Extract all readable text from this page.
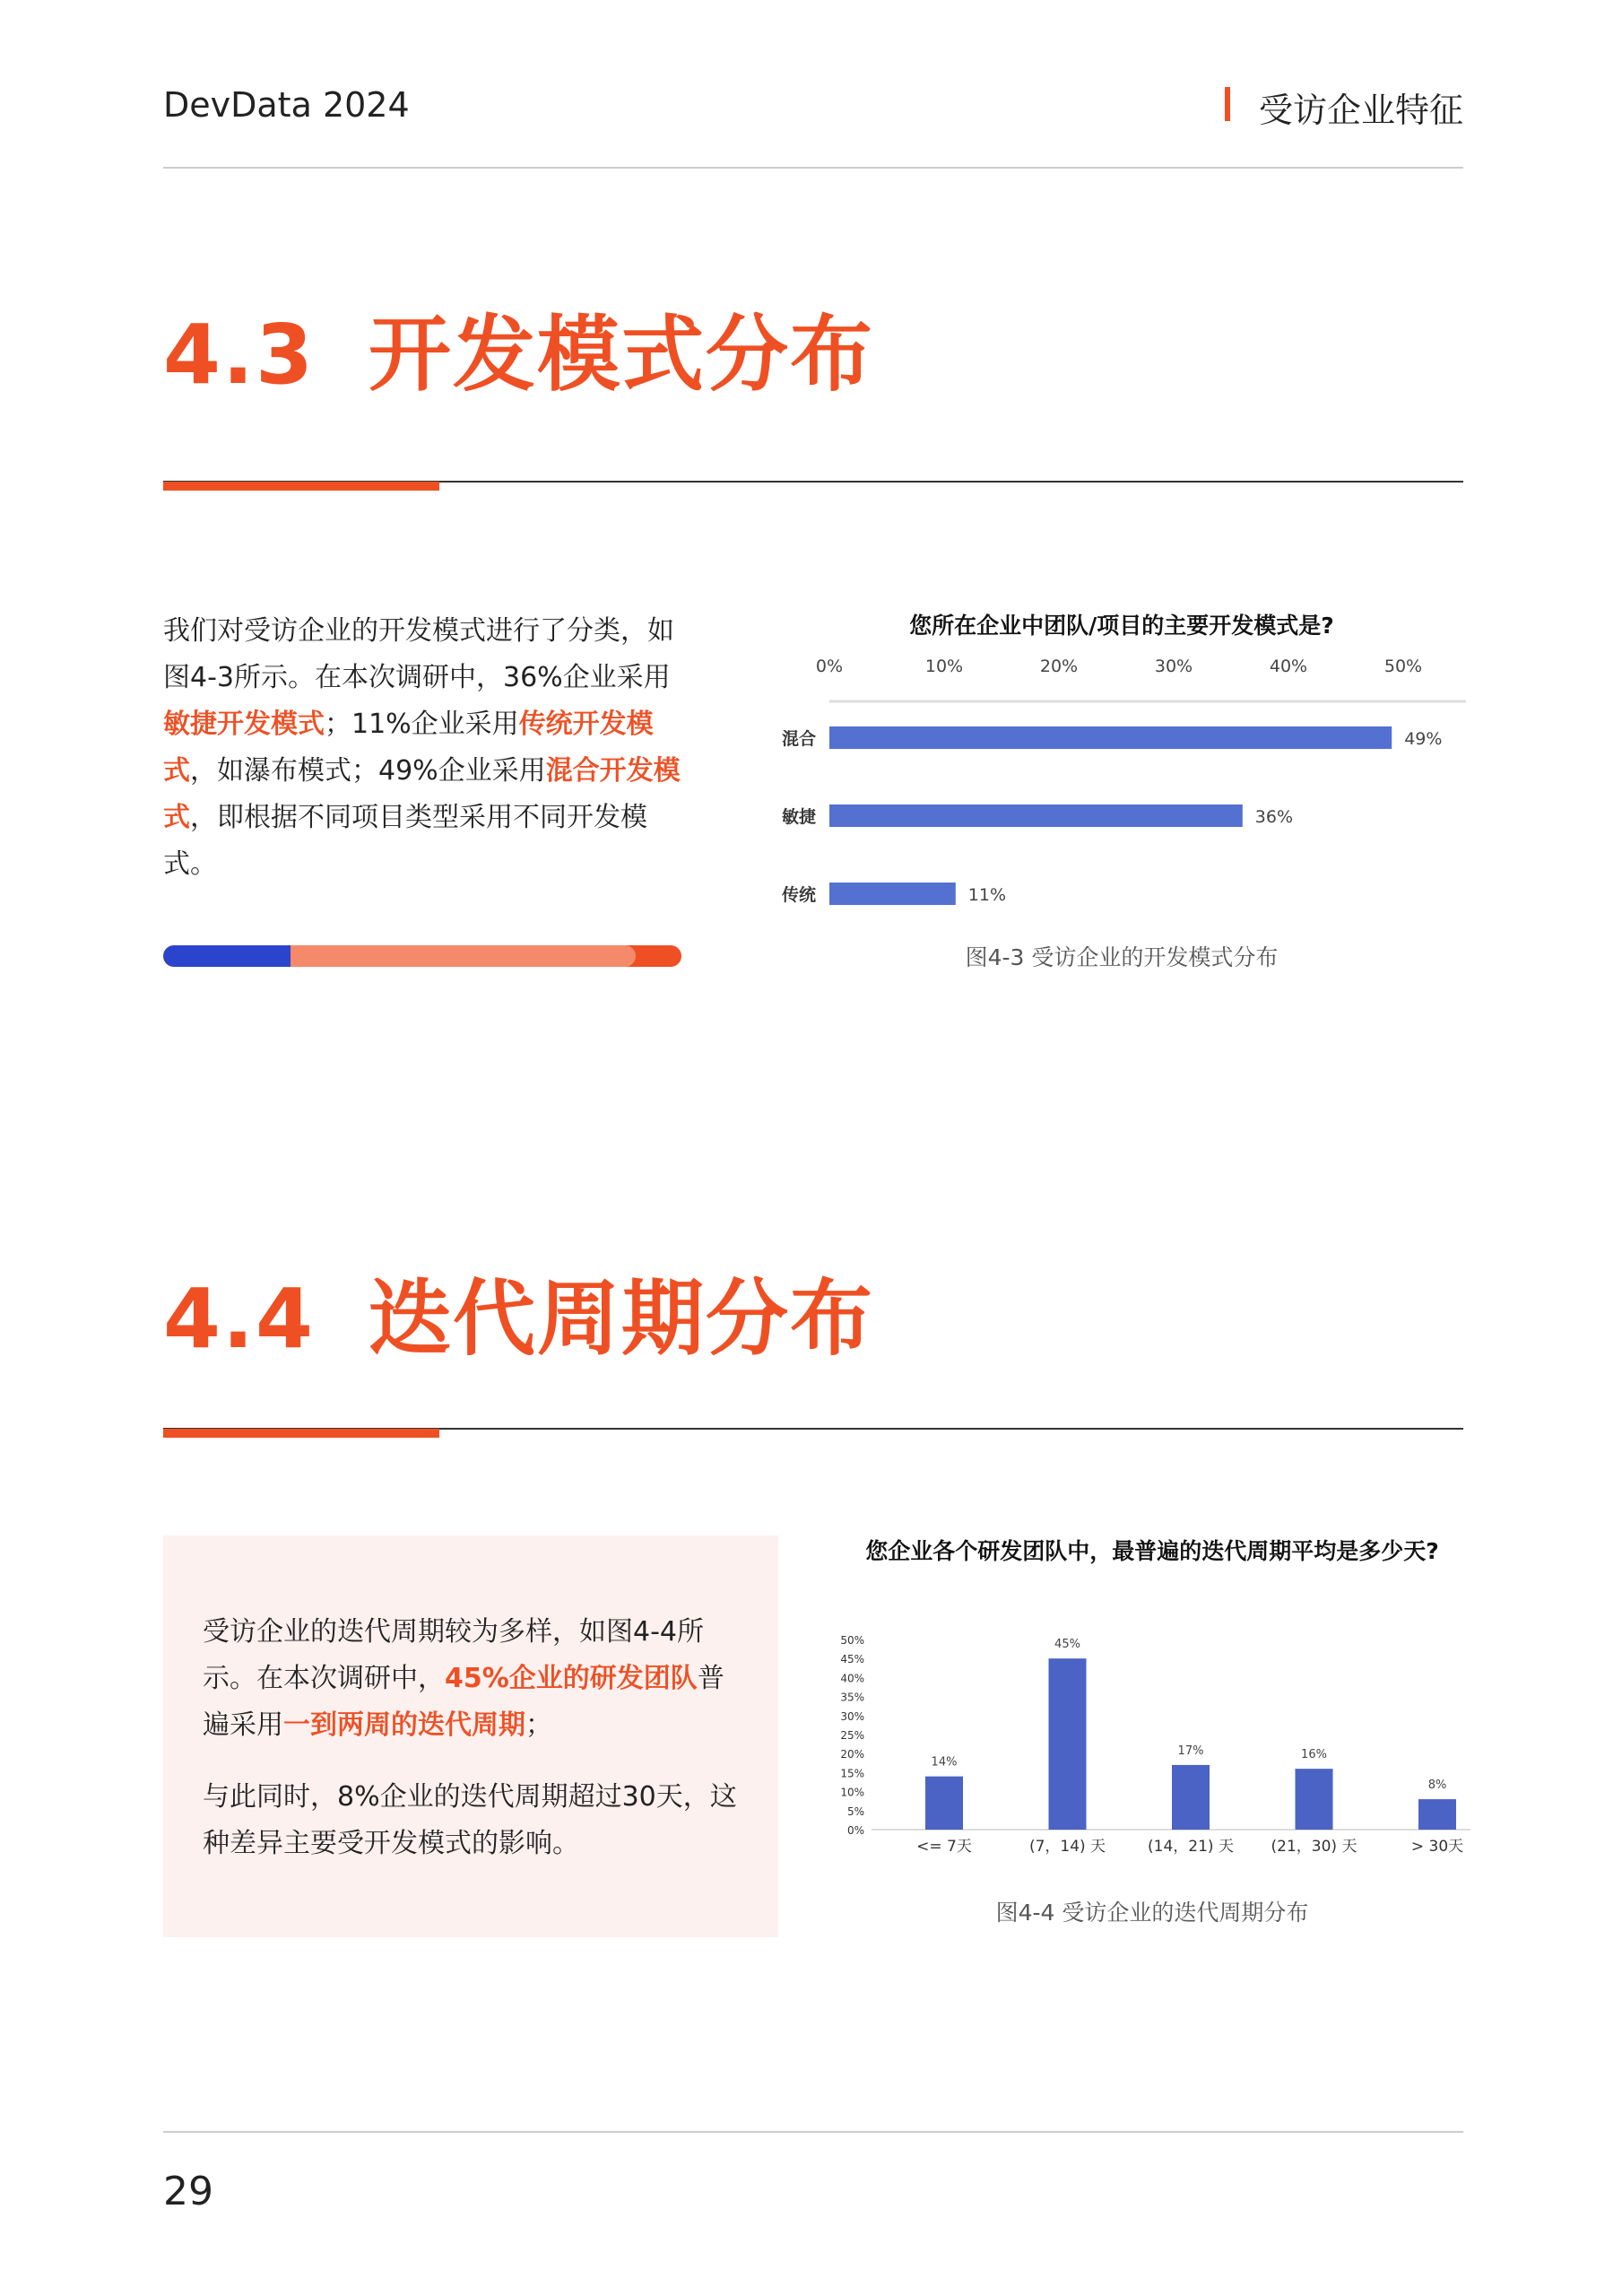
DevData 2024	受访企业特征
4.3 开发模式分布
我们对受访企业的开发模式进行了分类，如图4-3所示。在本次调研中，36%企业采用敏捷开发模式；11%企业采用传统开发模式，如瀑布模式；49%企业采用混合开发模式，即根据不同项目类型采用不同开发模式。
您所在企业中团队/项目的主要开发模式是?
0%	10%	20%	30%	40%	50%
混合	49%
敏捷	36%
传统	11%
图4-3 受访企业的开发模式分布
4.4 迭代周期分布
受访企业的迭代周期较为多样，如图4-4所示。在本次调研中，45%企业的研发团队普遍采用一到两周的迭代周期；
与此同时，8%企业的迭代周期超过30天，这种差异主要受开发模式的影响。
您企业各个研发团队中，最普遍的迭代周期平均是多少天?
0%
5%
10%
15%
20%
25%
30%
35%
40%
45%
50%
14%
<= 7天
45%
(7，14) 天
17%
(14，21) 天
16%
(21，30) 天
8%
> 30天
图4-4 受访企业的迭代周期分布
29
